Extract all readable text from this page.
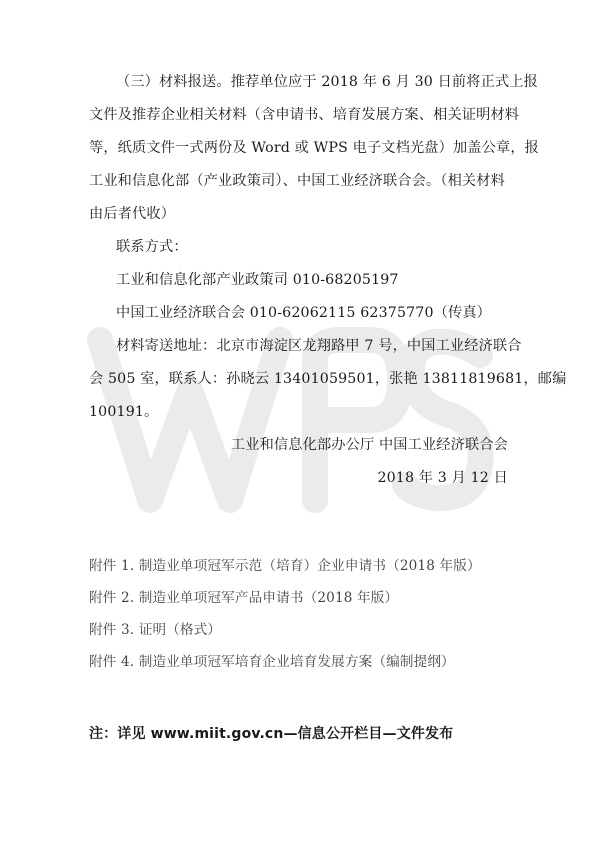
（三）材料报送。推荐单位应于 2018 年 6 月 30 日前将正式上报
文件及推荐企业相关材料（含申请书、培育发展方案、相关证明材料
等，纸质文件一式两份及 Word 或 WPS 电子文档光盘）加盖公章，报
工业和信息化部（产业政策司）、中国工业经济联合会。（相关材料
由后者代收）
联系方式：
工业和信息化部产业政策司 010-68205197
中国工业经济联合会 010-62062115 62375770（传真）
材料寄送地址：北京市海淀区龙翔路甲 7 号，中国工业经济联合
会 505 室，联系人：孙晓云 13401059501，张艳 13811819681，邮编
100191。
工业和信息化部办公厅 中国工业经济联合会
2018 年 3 月 12 日
附件 1. 制造业单项冠军示范（培育）企业申请书（2018 年版）
附件 2. 制造业单项冠军产品申请书（2018 年版）
附件 3. 证明（格式）
附件 4. 制造业单项冠军培育企业培育发展方案（编制提纲）
注：详见 www.miit.gov.cn—信息公开栏目—文件发布
